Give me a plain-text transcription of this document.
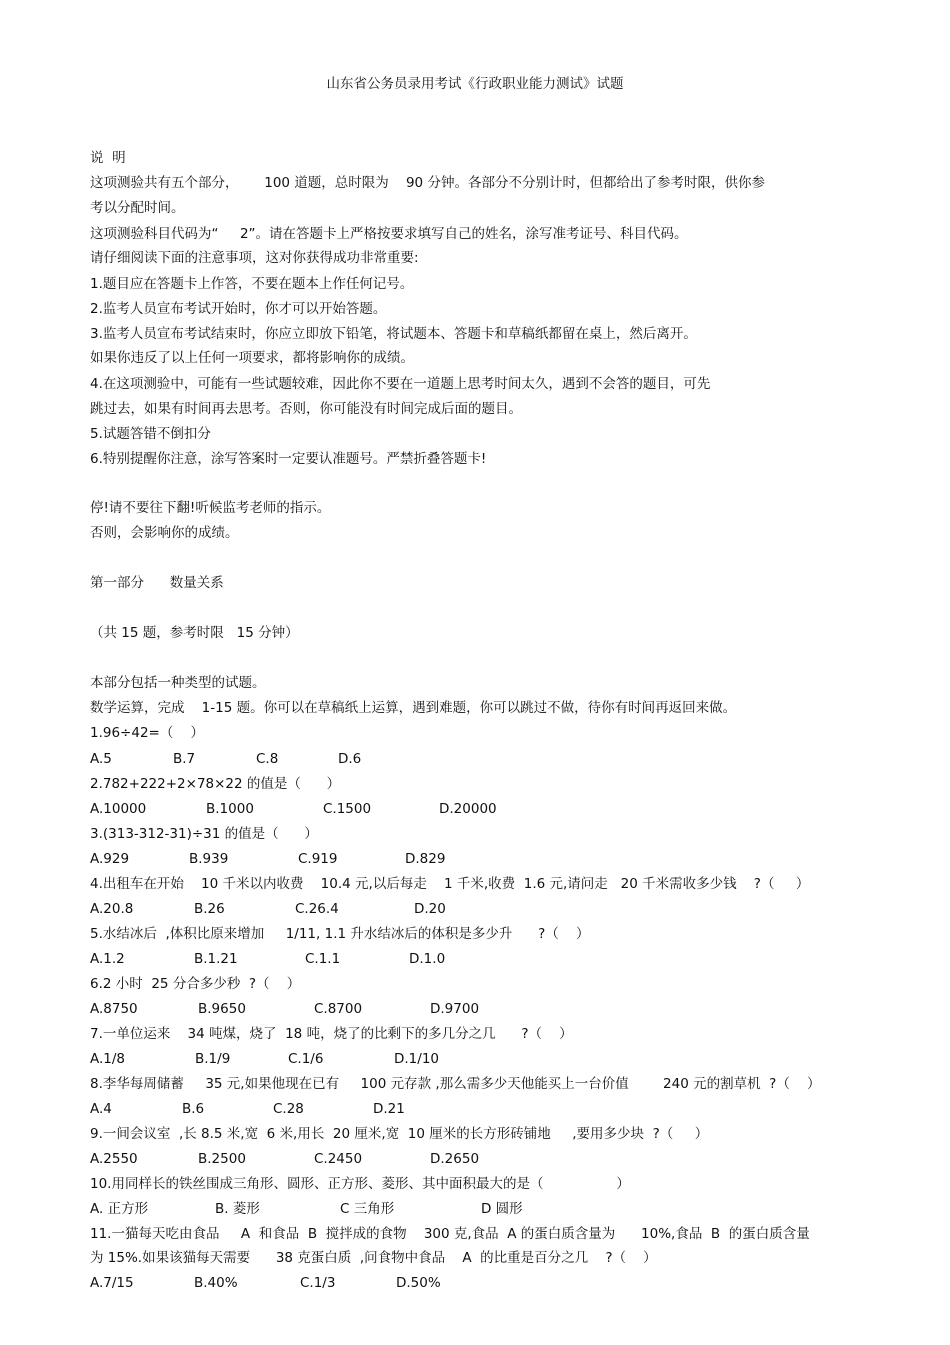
山东省公务员录用考试《行政职业能力测试》试题
说  明
这项测验共有五个部分，      100 道题，总时限为    90 分钟。各部分不分别计时，但都给出了参考时限，供你参
考以分配时间。
这项测验科目代码为“     2”。请在答题卡上严格按要求填写自己的姓名，涂写准考证号、科目代码。
请仔细阅读下面的注意事项，这对你获得成功非常重要:
1.题目应在答题卡上作答，不要在题本上作任何记号。
2.监考人员宣布考试开始时，你才可以开始答题。
3.监考人员宣布考试结束时，你应立即放下铅笔，将试题本、答题卡和草稿纸都留在桌上，然后离开。
如果你违反了以上任何一项要求，都将影响你的成绩。
4.在这项测验中，可能有一些试题较难，因此你不要在一道题上思考时间太久，遇到不会答的题目，可先
跳过去，如果有时间再去思考。否则，你可能没有时间完成后面的题目。
5.试题答错不倒扣分
6.特别提醒你注意，涂写答案时一定要认准题号。严禁折叠答题卡!
停!请不要往下翻!听候监考老师的指示。
否则，会影响你的成绩。
第一部分      数量关系
（共 15 题，参考时限   15 分钟）
本部分包括一种类型的试题。
数学运算，完成    1-15 题。你可以在草稿纸上运算，遇到难题，你可以跳过不做，待你有时间再返回来做。
1.96÷42=（    ）
A.5	B.7	C.8	D.6
2.782+222+2×78×22 的值是（      ）
A.10000	B.1000	C.1500	D.20000
3.(313-312-31)÷31 的值是（      ）
A.929	B.939	C.919	D.829
4.出租车在开始    10 千米以内收费    10.4 元,以后每走    1 千米,收费  1.6 元,请问走   20 千米需收多少钱    ?（     ）
A.20.8	B.26	C.26.4	D.20
5.水结冰后  ,体积比原来增加     1/11, 1.1 升水结冰后的体积是多少升      ?（    ）
A.1.2	B.1.21	C.1.1	D.1.0
6.2 小时  25 分合多少秒  ?（    ）
A.8750	B.9650	C.8700	D.9700
7.一单位运来    34 吨煤，烧了  18 吨，烧了的比剩下的多几分之几      ?（    ）
A.1/8	B.1/9	C.1/6	D.1/10
8.李华每周储蓄     35 元,如果他现在已有     100 元存款 ,那么需多少天他能买上一台价值        240 元的割草机  ?（    ）
A.4	B.6	C.28	D.21
9.一间会议室  ,长 8.5 米,宽  6 米,用长  20 厘米,宽  10 厘米的长方形砖铺地     ,要用多少块  ?（     ）
A.2550	B.2500	C.2450	D.2650
10.用同样长的铁丝围成三角形、圆形、正方形、菱形、其中面积最大的是（                 ）
A. 正方形	B. 菱形	C 三角形	D 圆形
11.一猫每天吃由食品     A  和食品  B  搅拌成的食物    300 克,食品  A 的蛋白质含量为      10%,食品  B  的蛋白质含量
为 15%.如果该猫每天需要      38 克蛋白质  ,问食物中食品    A  的比重是百分之几    ?（    ）
A.7/15	B.40%	C.1/3	D.50%
